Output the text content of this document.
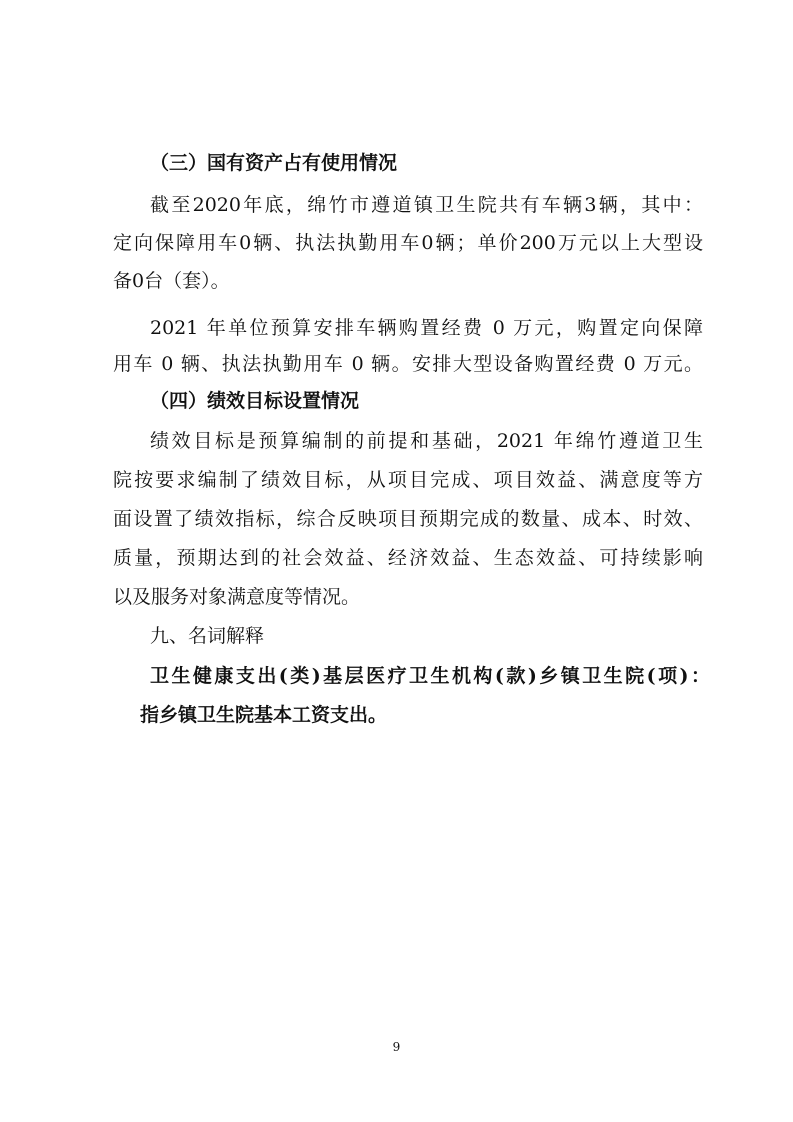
（三）国有资产占有使用情况
截至2020年底，绵竹市遵道镇卫生院共有车辆3辆，其中：
定向保障用车0辆、执法执勤用车0辆；单价200万元以上大型设
备0台（套）。
2021 年单位预算安排车辆购置经费 0 万元，购置定向保障
用车 0 辆、执法执勤用车 0 辆。安排大型设备购置经费 0 万元。
（四）绩效目标设置情况
绩效目标是预算编制的前提和基础，2021 年绵竹遵道卫生
院按要求编制了绩效目标，从项目完成、项目效益、满意度等方
面设置了绩效指标，综合反映项目预期完成的数量、成本、时效、
质量，预期达到的社会效益、经济效益、生态效益、可持续影响
以及服务对象满意度等情况。
九、名词解释
卫生健康支出(类)基层医疗卫生机构(款)乡镇卫生院(项)：
指乡镇卫生院基本工资支出。
9
